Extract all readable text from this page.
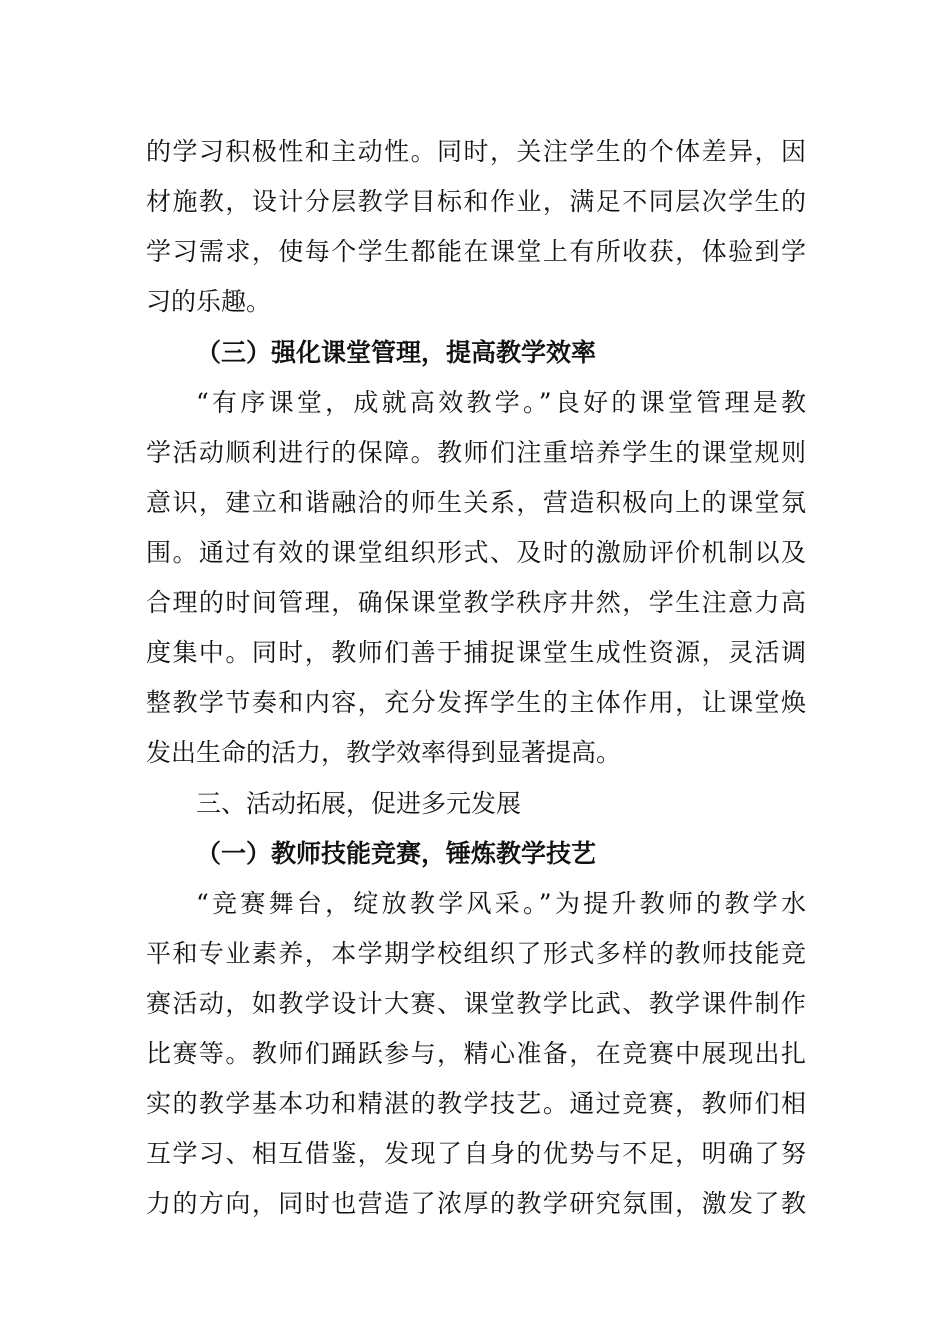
的学习积极性和主动性。同时，关注学生的个体差异，因
材施教，设计分层教学目标和作业，满足不同层次学生的
学习需求，使每个学生都能在课堂上有所收获，体验到学
习的乐趣。
（三）强化课堂管理，提高教学效率
“有序课堂，成就高效教学。”良好的课堂管理是教
学活动顺利进行的保障。教师们注重培养学生的课堂规则
意识，建立和谐融洽的师生关系，营造积极向上的课堂氛
围。通过有效的课堂组织形式、及时的激励评价机制以及
合理的时间管理，确保课堂教学秩序井然，学生注意力高
度集中。同时，教师们善于捕捉课堂生成性资源，灵活调
整教学节奏和内容，充分发挥学生的主体作用，让课堂焕
发出生命的活力，教学效率得到显著提高。
三、活动拓展，促进多元发展
（一）教师技能竞赛，锤炼教学技艺
“竞赛舞台，绽放教学风采。”为提升教师的教学水
平和专业素养，本学期学校组织了形式多样的教师技能竞
赛活动，如教学设计大赛、课堂教学比武、教学课件制作
比赛等。教师们踊跃参与，精心准备，在竞赛中展现出扎
实的教学基本功和精湛的教学技艺。通过竞赛，教师们相
互学习、相互借鉴，发现了自身的优势与不足，明确了努
力的方向，同时也营造了浓厚的教学研究氛围，激发了教
